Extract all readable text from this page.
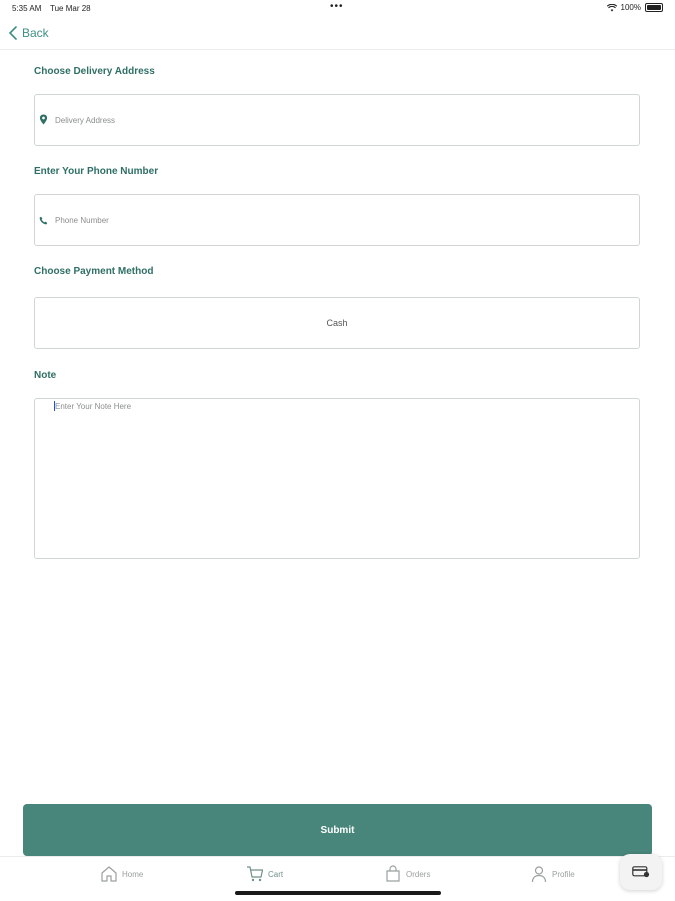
5:35 AM Tue Mar 28	•••	100%
Back
Choose Delivery Address
Delivery Address
Enter Your Phone Number
Phone Number
Choose Payment Method
Cash
Note
Enter Your Note Here
Submit
Home	Cart	Orders	Profile
